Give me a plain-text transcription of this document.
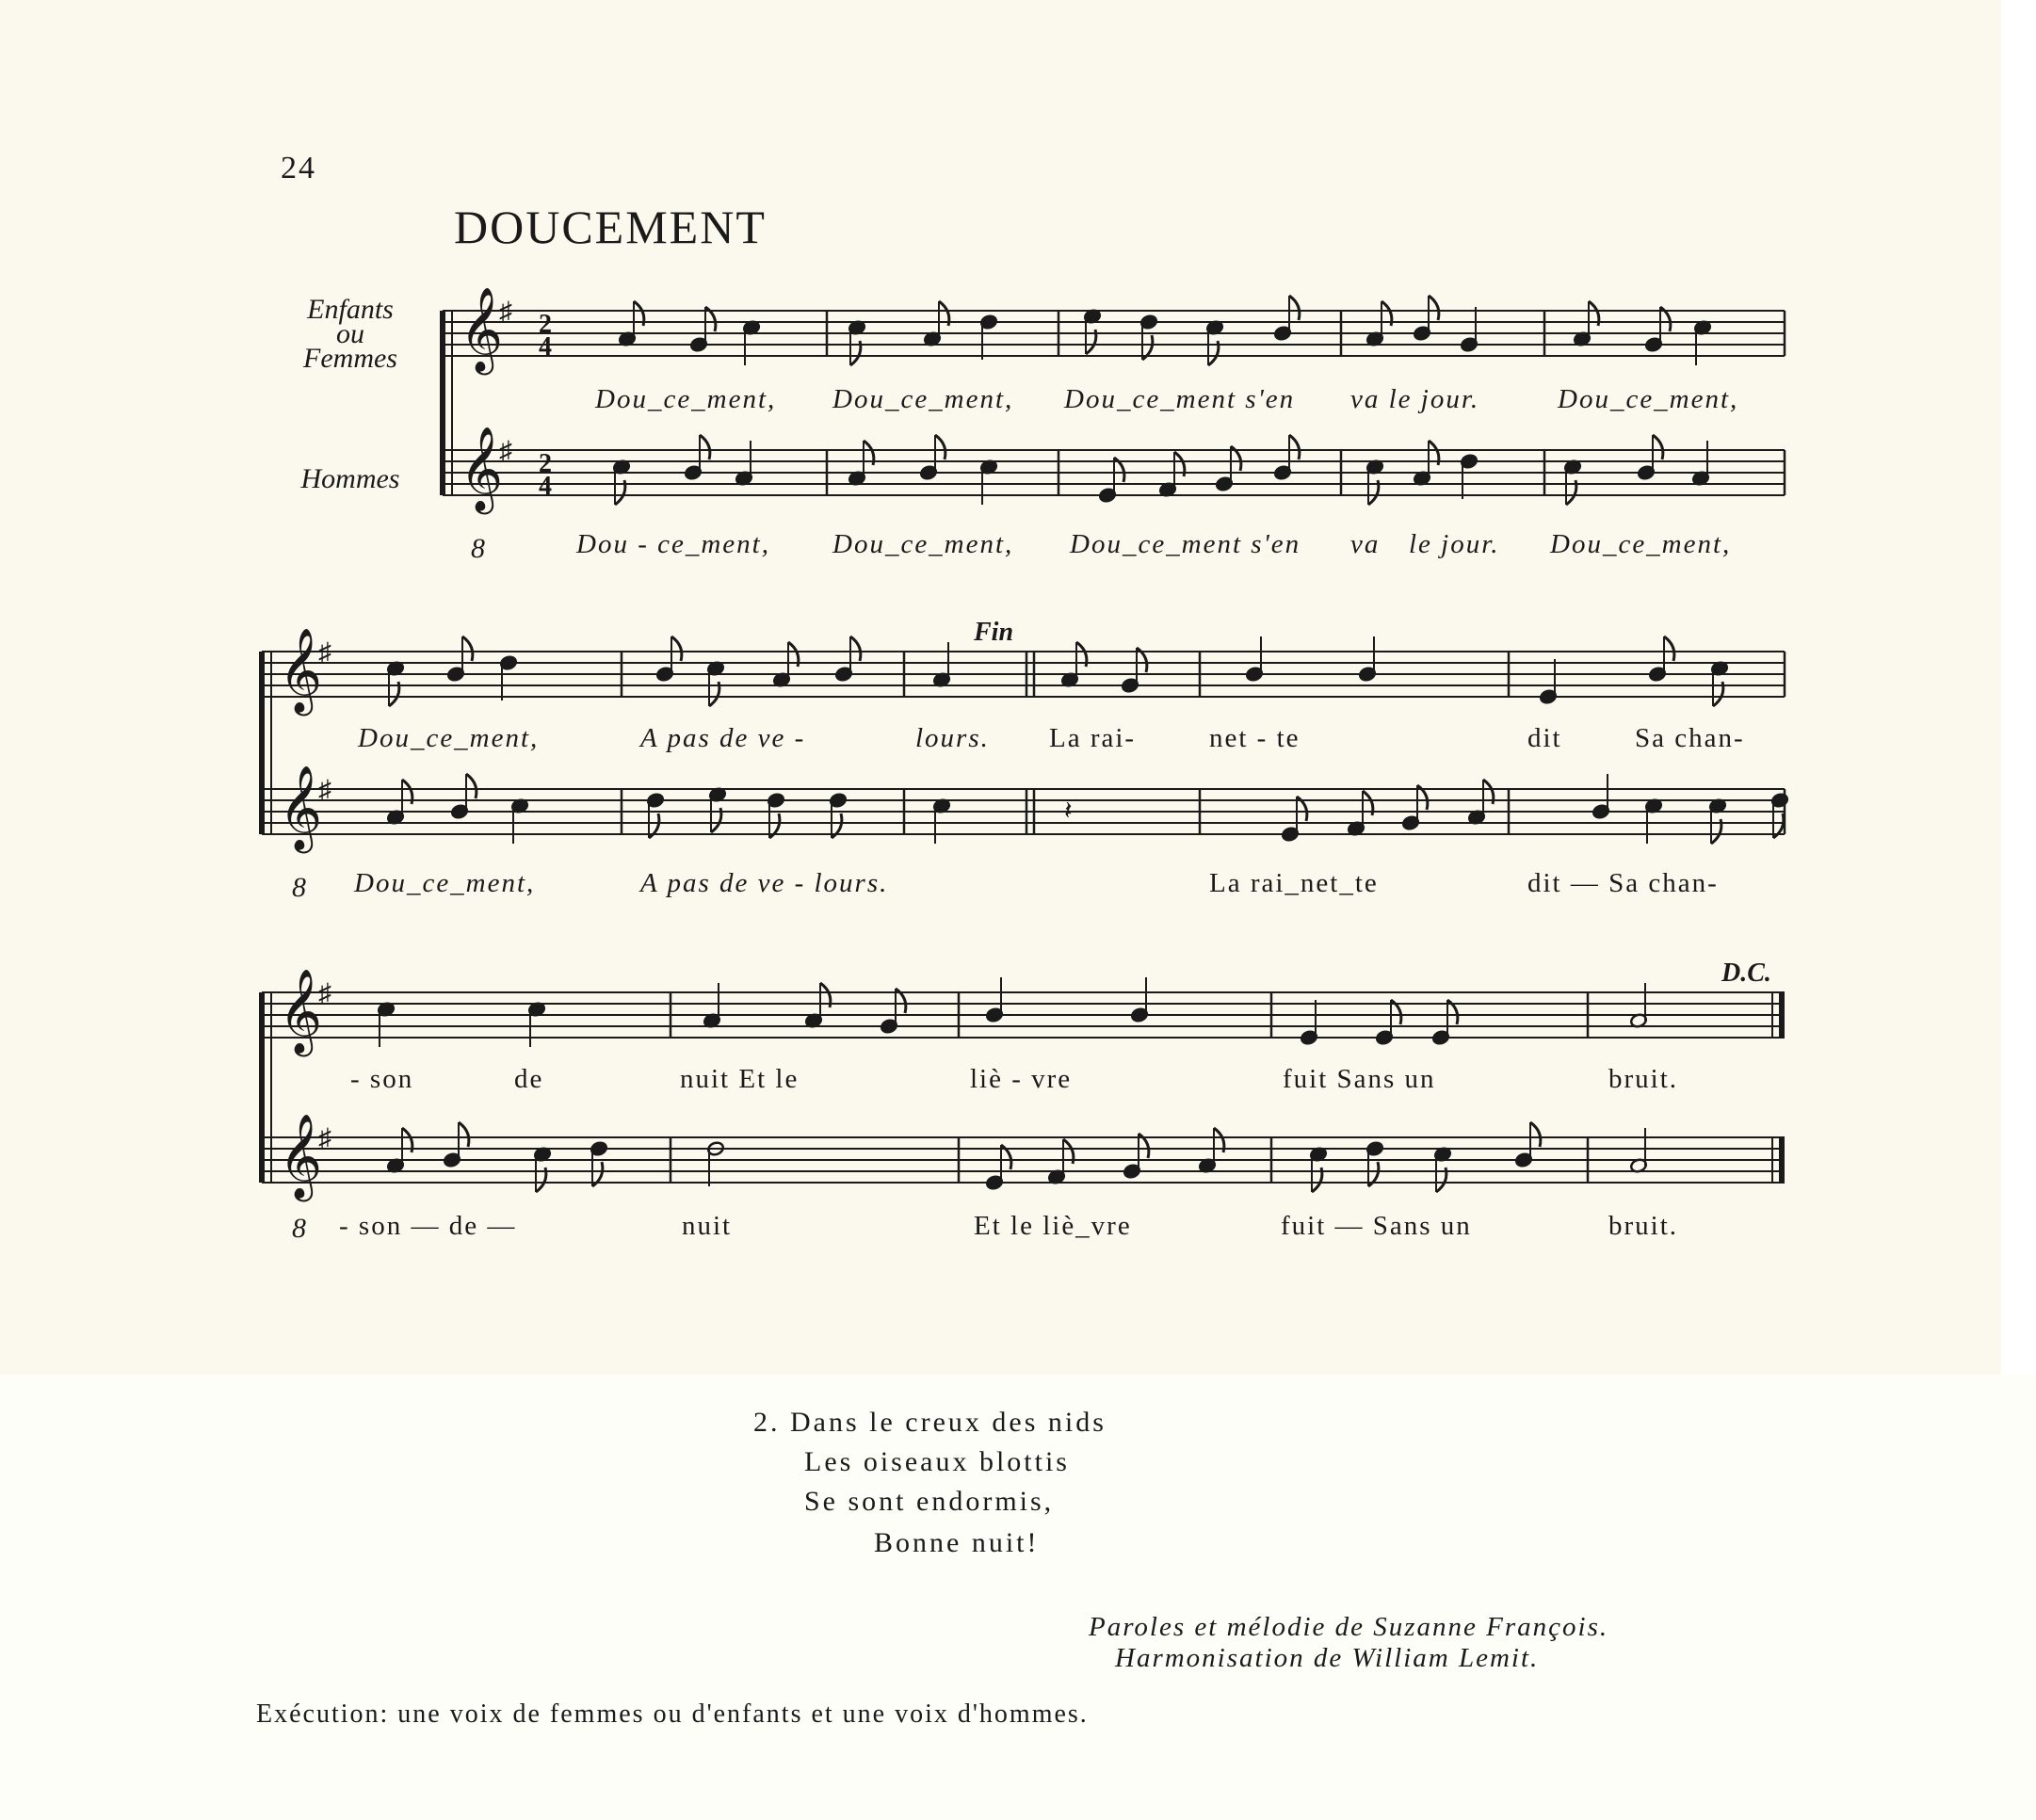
24
DOUCEMENT
Enfants
ou
Femmes
Hommes
𝄞
♯
𝄞
♯
2
4
2
4
8
𝄞
♯
𝄞
♯
8
Fin
𝄽
𝄞
♯
𝄞
♯
8
D.C.
Dou_ce_ment, Dou_ce_ment, Dou_ce_ment s'en va le jour.	Dou_ce_ment,
Dou - ce_ment, Dou_ce_ment, Dou_ce_ment s'en va le jour. Dou_ce_ment,
Dou_ce_ment,	A pas de ve -	lours. La rai-	net - te	dit	Sa chan-
Dou_ce_ment,	A pas de ve - lours.	La rai_net_te	dit — Sa chan-
- son	de	nuit Et le	liè - vre	fuit Sans un	bruit.
- son — de —	nuit	Et le liè_vre	fuit — Sans un	bruit.
2. Dans le creux des nids
Les oiseaux blottis
Se sont endormis,
Bonne nuit!
Paroles et mélodie de Suzanne François.
Harmonisation de William Lemit.
Exécution: une voix de femmes ou d'enfants et une voix d'hommes.
